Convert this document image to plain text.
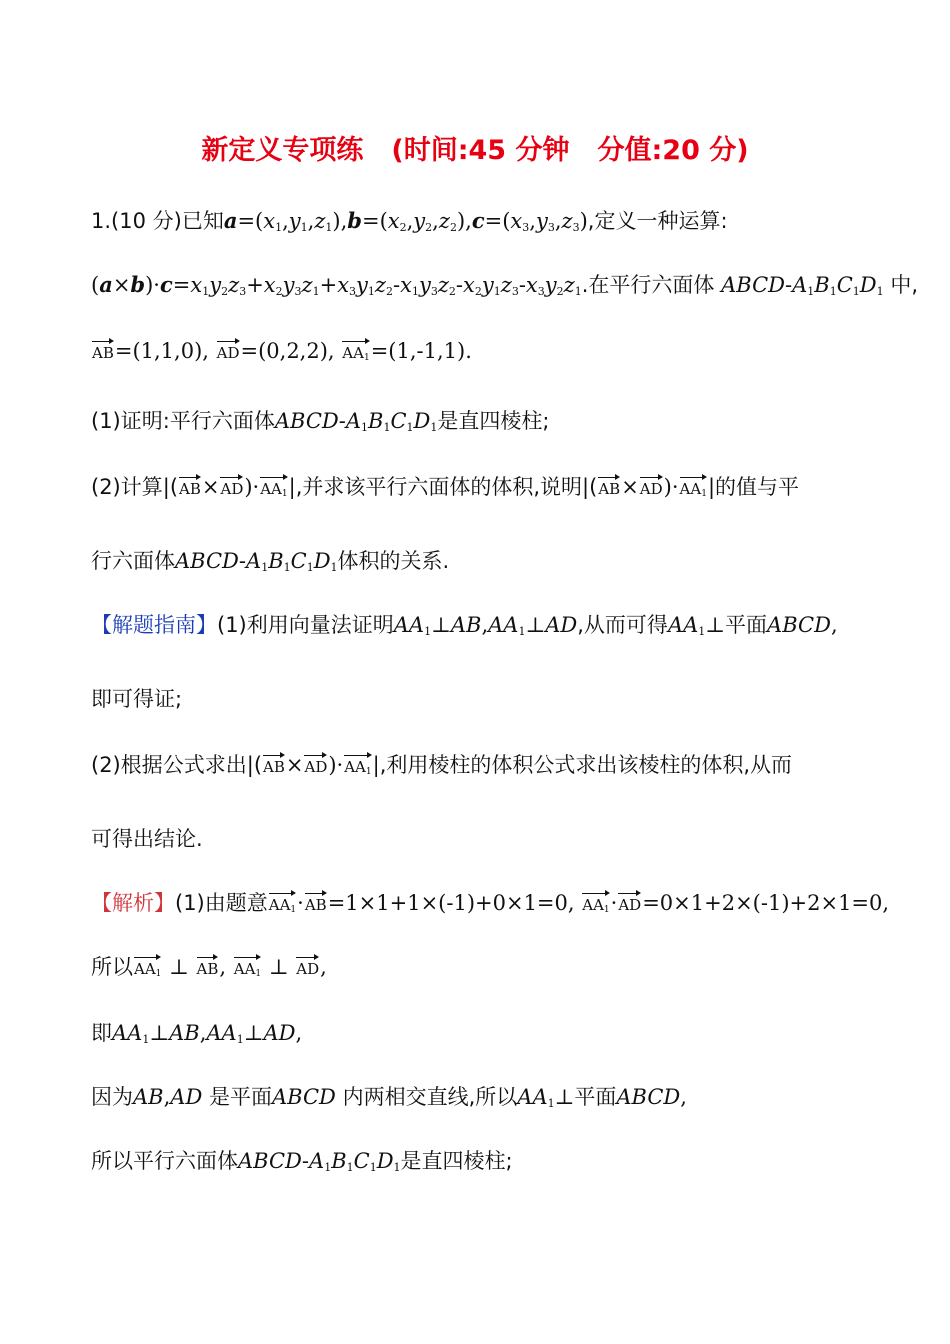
新定义专项练 (时间:45 分钟 分值:20 分)
1.(10 分)已知$a=(x_1,y_1,z_1),b=(x_2,y_2,z_2),c=(x_3,y_3,z_3)$,定义一种运算:
$(a\times b)\cdot c=x_1y_2z_3+x_2y_3z_1+x_3y_1z_2-x_1y_3z_2-x_2y_1z_3-x_3y_2z_1$.在平行六面体 ABCD-$A_1B_1C_1D_1$ 中,
AB=(1,1,0), AD=(0,2,2), $AA_1=(1,-1,1)$.
(1)证明:平行六面体ABCD-$A_1B_1C_1D_1$是直四棱柱;
(2)计算$|(AB\times AD)\cdot AA_1|$,并求该平行六面体的体积,说明$|(AB\times AD)\cdot AA_1|$的值与平
行六面体ABCD-$A_1B_1C_1D_1$体积的关系.
【解题指南】(1)利用向量法证明$AA_1\perp AB,AA_1\perp AD$,从而可得$AA_1\perp$平面ABCD,
即可得证;
(2)根据公式求出$|(AB\times AD)\cdot AA_1|$,利用棱柱的体积公式求出该棱柱的体积,从而
可得出结论.
【解析】(1)由题意$AA_1\cdot AB=1\times 1+1\times(-1)+0\times 1=0$, $AA_1\cdot AD=0\times 1+2\times(-1)+2\times 1=0$,
所以$AA_1$ ⊥ AB, $AA_1$ ⊥ AD,
即$AA_1\perp AB,AA_1\perp AD$,
因为AB,AD 是平面ABCD 内两相交直线,所以$AA_1\perp$平面ABCD,
所以平行六面体ABCD-$A_1B_1C_1D_1$是直四棱柱;
